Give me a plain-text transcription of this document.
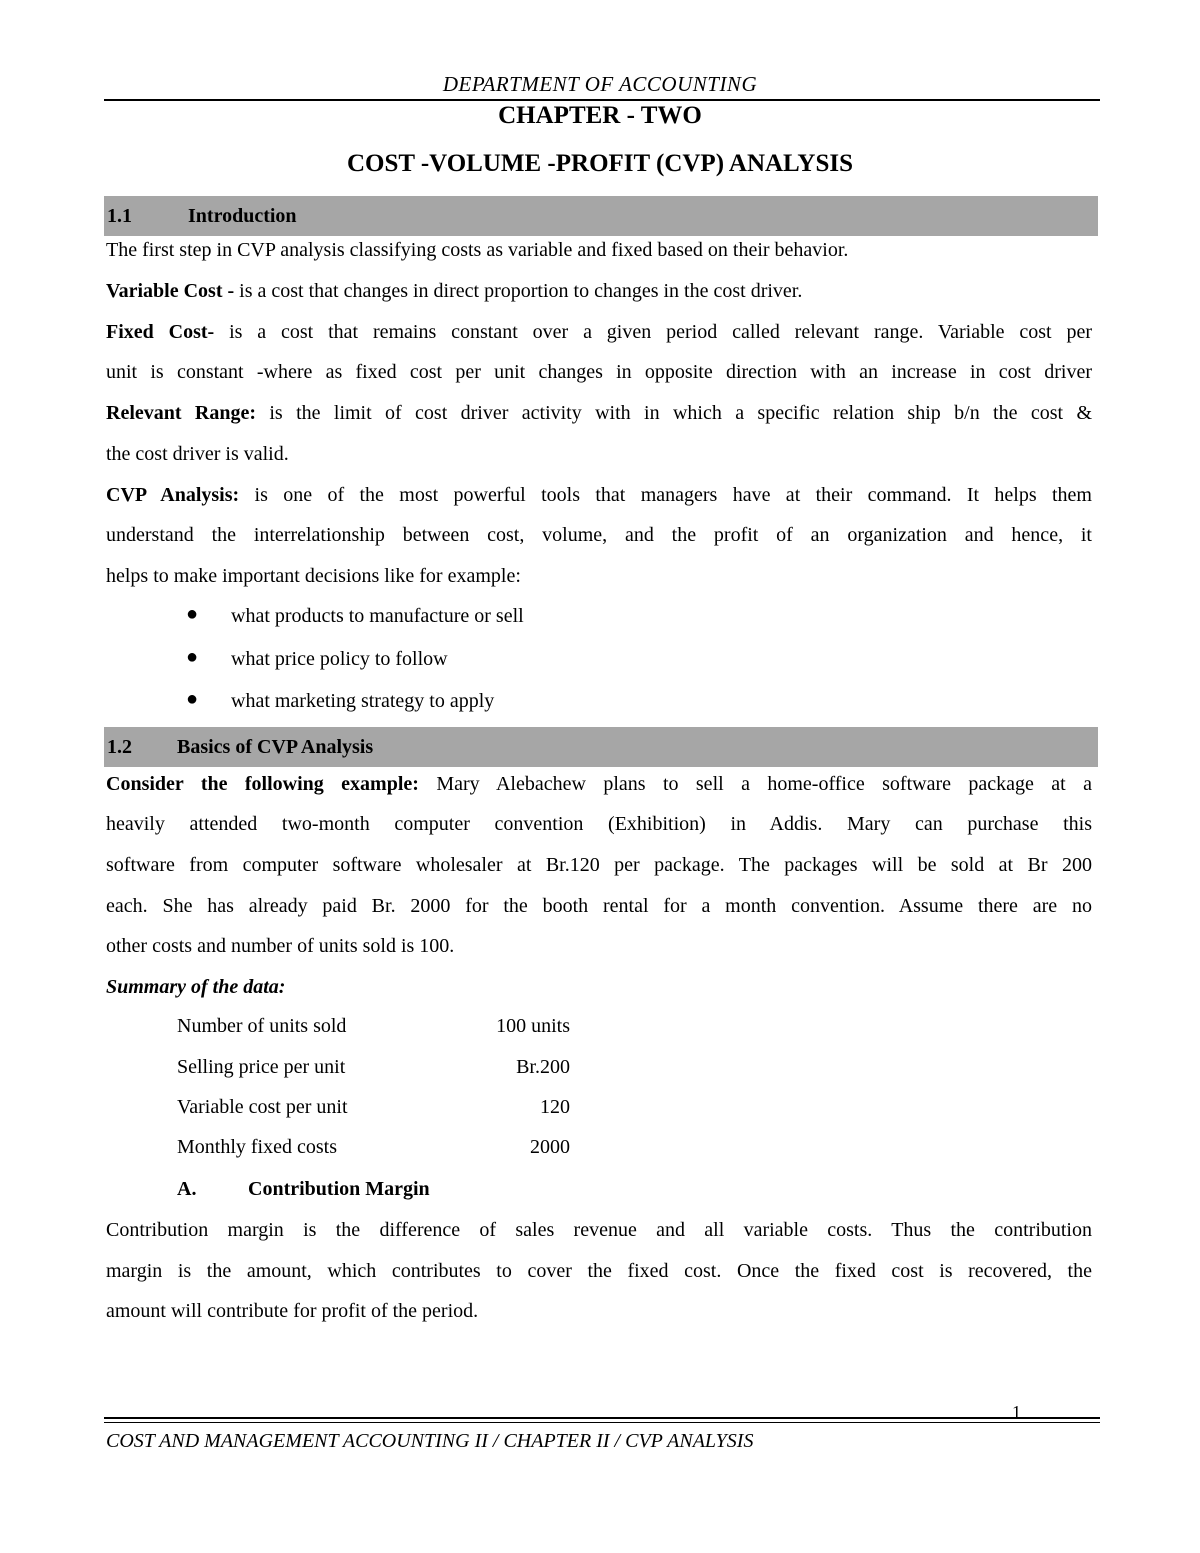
DEPARTMENT OF ACCOUNTING
CHAPTER - TWO
COST -VOLUME -PROFIT (CVP) ANALYSIS
1.1	Introduction
The first step in CVP analysis classifying costs as variable and fixed based on their behavior.
Variable Cost - is a cost that changes in direct proportion to changes in the cost driver.
Fixed Cost- is a cost that remains constant over a given period called relevant range. Variable cost per
unit is constant -where as fixed cost per unit changes in opposite direction with an increase in cost driver
Relevant Range: is the limit of cost driver activity with in which a specific relation ship b/n the cost &
the cost driver is valid.
CVP Analysis: is one of the most powerful tools that managers have at their command. It helps them
understand the interrelationship between cost, volume, and the profit of an organization and hence, it
helps to make important decisions like for example:
● what products to manufacture or sell
● what price policy to follow
● what marketing strategy to apply
1.2 Basics of CVP Analysis
Consider the following example: Mary Alebachew plans to sell a home-office software package at a
heavily attended two-month computer convention (Exhibition) in Addis. Mary can purchase this
software from computer software wholesaler at Br.120 per package. The packages will be sold at Br 200
each. She has already paid Br. 2000 for the booth rental for a month convention. Assume there are no
other costs and number of units sold is 100.
Summary of the data:
Number of units sold	100 units
Selling price per unit	Br.200
Variable cost per unit	120
Monthly fixed costs	2000
A.	Contribution Margin
Contribution margin is the difference of sales revenue and all variable costs. Thus the contribution
margin is the amount, which contributes to cover the fixed cost. Once the fixed cost is recovered, the
amount will contribute for profit of the period.
1
COST AND MANAGEMENT ACCOUNTING II / CHAPTER II / CVP ANALYSIS
